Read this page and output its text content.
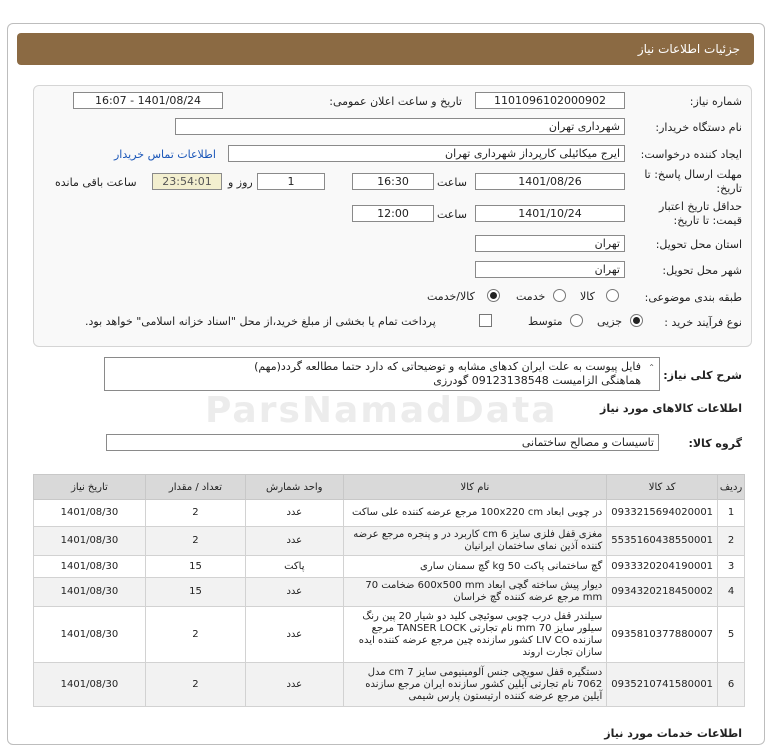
جزئیات اطلاعات نیاز
شماره نیاز:
1101096102000902
تاریخ و ساعت اعلان عمومی:
1401/08/24 - 16:07
نام دستگاه خریدار:
شهرداری تهران
ایجاد کننده درخواست:
ایرج میکائیلی کارپرداز شهرداری تهران
اطلاعات تماس خریدار
مهلت ارسال پاسخ: تا
تاریخ:
1401/08/26
ساعت
16:30
1
روز و
23:54:01
ساعت باقی مانده
حداقل تاریخ اعتبار
قیمت: تا تاریخ:
1401/10/24
ساعت
12:00
استان محل تحویل:
تهران
شهر محل تحویل:
تهران
طبقه بندی موضوعی:
کالا
خدمت
کالا/خدمت
نوع فرآیند خرید :
جزیی
متوسط
پرداخت تمام یا بخشی از مبلغ خرید،از محل "اسناد خزانه اسلامی" خواهد بود.
شرح کلی نیاز:
فایل پیوست به علت ایران کدهای مشابه و توضیحاتی که دارد حتما مطالعه گردد(مهم)
هماهنگی الزامیست 09123138548 گودرزی
⌃
ParsNamadData	اطلاعات کالاهای مورد نیاز
گروه کالا:
تاسیسات و مصالح ساختمانی
ردیف	کد کالا	نام کالا	واحد شمارش	تعداد / مقدار	تاریخ نیاز
1	0933215694020001	در چوبی ابعاد 100x220 cm مرجع عرضه کننده علی ساکت	عدد	2	1401/08/30
2	5535160438550001	مغزی قفل فلزی سایز 6 cm کاربرد در و پنجره مرجع عرضه کننده آذین نمای ساختمان ایرانیان	عدد	2	1401/08/30
3	0933320204190001	گچ ساختمانی پاکت 50 kg گچ سمنان ساری	پاکت	15	1401/08/30
4	0934320218450002	دیوار پیش ساخته گچی ابعاد 600x500 mm ضخامت 70 mm مرجع عرضه کننده گچ خراسان	عدد	15	1401/08/30
5	0935810377880007	سیلندر قفل درب چوبی سوئیچی کلید دو شیار 20 پین رنگ سیلور سایز 70 mm نام تجارتی TANSER LOCK مرجع سازنده LIV CO کشور سازنده چین مرجع عرضه کننده ایده سازان تجارت اروند	عدد	2	1401/08/30
6	0935210741580001	دستگیره قفل سویچی جنس آلومینیومی سایز 7 cm مدل 7062 نام تجارتی آیلین کشور سازنده ایران مرجع سازنده آیلین مرجع عرضه کننده ارتیستون پارس شیمی	عدد	2	1401/08/30
اطلاعات خدمات مورد نیاز
